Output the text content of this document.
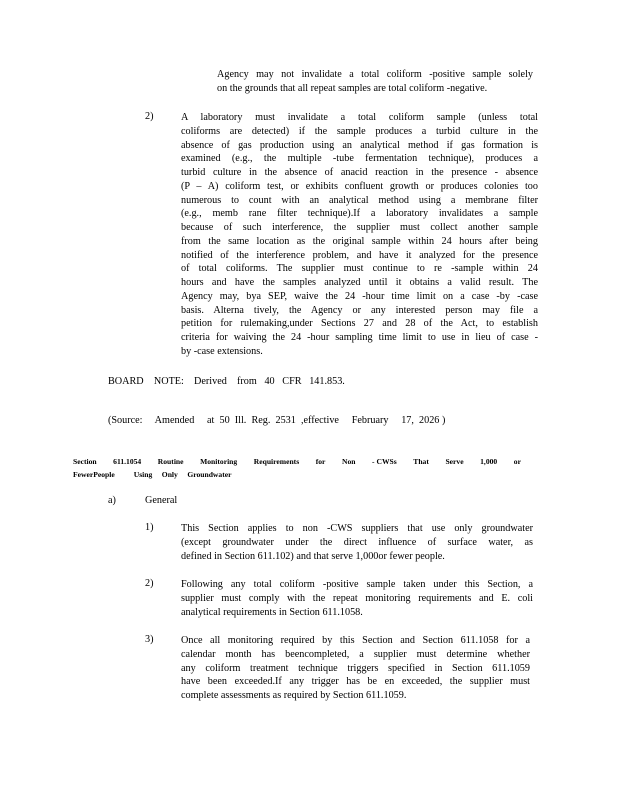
Agency may not invalidate a total coliform -positive sample solely
on the grounds that all repeat samples are total coliform -negative.
2)	A laboratory must invalidate a total coliform sample (unless total
coliforms are detected) if the sample produces a turbid culture in the
absence of gas production using an analytical method if gas formation is
examined (e.g., the multiple -tube fermentation technique), produces a
turbid culture in the absence of anacid reaction in the presence - absence
(P – A) coliform test, or exhibits confluent growth or produces colonies too
numerous to count with an analytical method using a membrane filter
(e.g., memb rane filter technique).If a laboratory invalidates a sample
because of such interference, the supplier must collect another sample
from the same location as the original sample within 24 hours after being
notified of the interference problem, and have it analyzed for the presence
of total coliforms. The supplier must continue to re -sample within 24
hours and have the samples analyzed until it obtains a valid result. The
Agency may, bya SEP, waive the 24 -hour time limit on a case -by -case
basis. Alterna tively, the Agency or any interested person may file a
petition for rulemaking,under Sections 27 and 28 of the Act, to establish
criteria for waiving the 24 -hour sampling time limit to use in lieu of case -
by -case extensions.
BOARD    NOTE:    Derived    from   40   CFR   141.853.
(Source:     Amended     at  50  Ill.  Reg.  2531  ,effective     February     17,  2026 )
Section 611.1054 Routine Monitoring Requirements for Non - CWSs That Serve 1,000 or
FewerPeople          Using     Only     Groundwater
a)	General
1)	This Section applies to non -CWS suppliers that use only groundwater
(except groundwater under the direct influence of surface water, as
defined in Section 611.102) and that serve 1,000or fewer people.
2)	Following any total coliform -positive sample taken under this Section, a
supplier must comply with the repeat monitoring requirements and E. coli
analytical requirements in Section 611.1058.
3)	Once all monitoring required by this Section and Section 611.1058 for a
calendar month has beencompleted, a supplier must determine whether
any coliform treatment technique triggers specified in Section 611.1059
have been exceeded.If any trigger has be en exceeded, the supplier must
complete assessments as required by Section 611.1059.
